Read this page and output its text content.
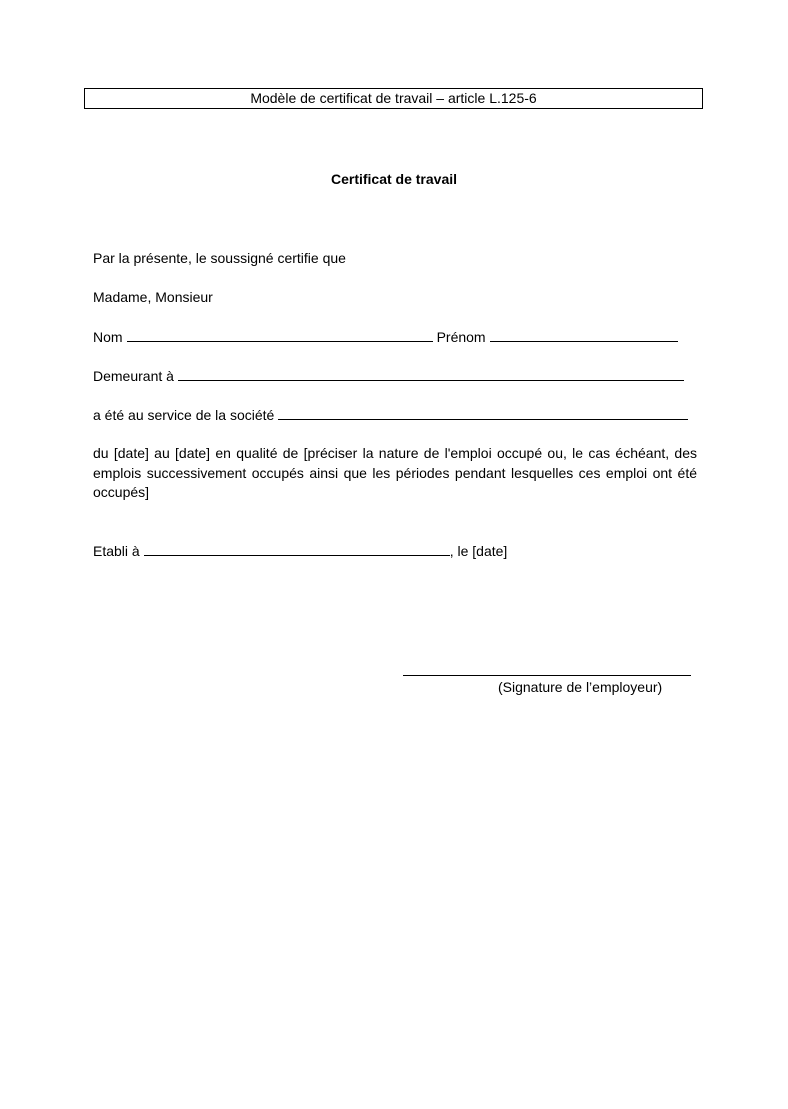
Modèle de certificat de travail – article L.125-6
Certificat de travail
Par la présente, le soussigné certifie que
Madame, Monsieur
Nom	Prénom
Demeurant à
a été au service de la société
du [date] au [date] en qualité de [préciser la nature de l'emploi occupé ou, le cas échéant, des emplois successivement occupés ainsi que les périodes pendant lesquelles ces emploi ont été occupés]
Etabli à	, le [date]
(Signature de l’employeur)
